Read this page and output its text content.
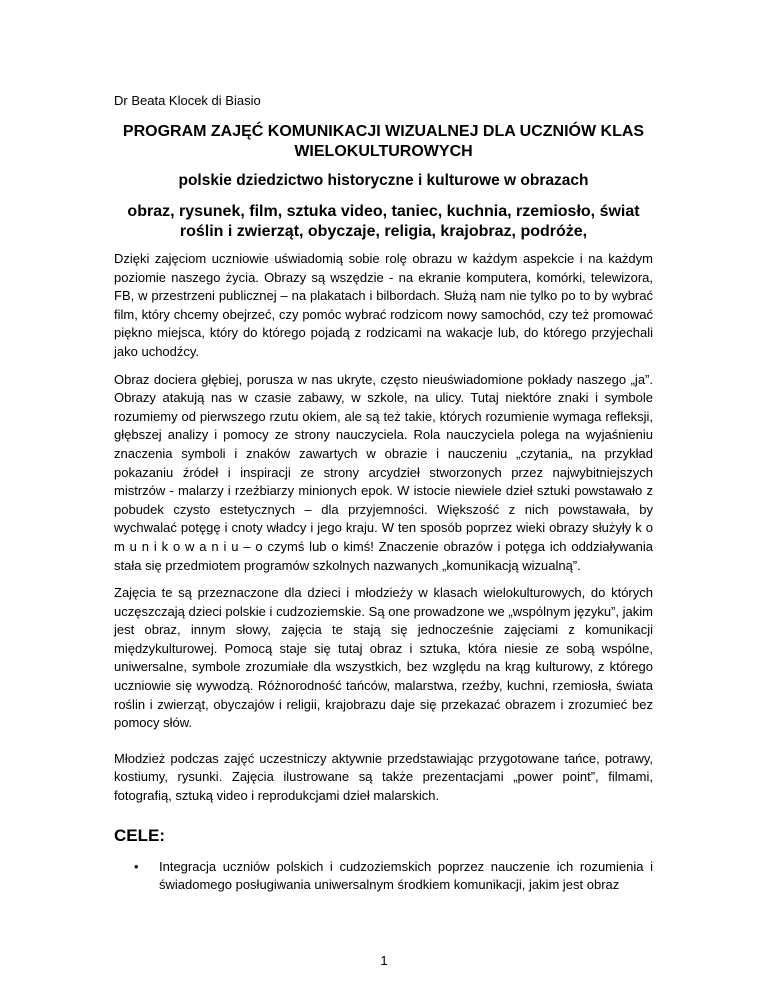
Dr Beata Klocek di Biasio

PROGRAM ZAJĘĆ KOMUNIKACJI WIZUALNEJ DLA UCZNIÓW KLAS WIELOKULTUROWYCH
polskie dziedzictwo historyczne i kulturowe w obrazach
obraz, rysunek, film, sztuka video, taniec, kuchnia, rzemiosło, świat roślin i zwierząt, obyczaje, religia, krajobraz, podróże,

Dzięki zajęciom uczniowie uświadomią sobie rolę obrazu w każdym aspekcie i na każdym poziomie naszego życia. Obrazy są wszędzie - na ekranie komputera, komórki, telewizora, FB, w przestrzeni publicznej – na plakatach i bilbordach. Służą nam nie tylko po to by wybrać film, który chcemy obejrzeć, czy pomóc wybrać rodzicom nowy samochód, czy też promować piękno miejsca, który do którego pojadą z rodzicami na wakacje lub, do którego przyjechali jako uchodźcy.

Obraz dociera głębiej, porusza w nas ukryte, często nieuświadomione pokłady naszego „ja”. Obrazy atakują nas w czasie zabawy, w szkole, na ulicy. Tutaj niektóre znaki i symbole rozumiemy od pierwszego rzutu okiem, ale są też takie, których rozumienie wymaga refleksji, głębszej analizy i pomocy ze strony nauczyciela. Rola nauczyciela polega na wyjaśnieniu znaczenia symboli i znaków zawartych w obrazie i nauczeniu „czytania„ na przykład pokazaniu źródeł i inspiracji ze strony arcydzieł stworzonych przez najwybitniejszych mistrzów - malarzy i rzeźbiarzy minionych epok. W istocie niewiele dzieł sztuki powstawało z pobudek czysto estetycznych – dla przyjemności. Większość z nich powstawała, by wychwalać potęgę i cnoty władcy i jego kraju. W ten sposób poprzez wieki obrazy służyły k o m u n i k o w a n i u – o czymś lub o kimś! Znaczenie obrazów i potęga ich oddziaływania stała się przedmiotem programów szkolnych nazwanych „komunikacją wizualną”.

Zajęcia te są przeznaczone dla dzieci i młodzieży w klasach wielokulturowych, do których uczęszczają dzieci polskie i cudzoziemskie. Są one prowadzone we „wspólnym języku”, jakim jest obraz, innym słowy, zajęcia te stają się jednocześnie zajęciami z komunikacji międzykulturowej. Pomocą staje się tutaj obraz i sztuka, która niesie ze sobą wspólne, uniwersalne, symbole zrozumiałe dla wszystkich, bez względu na krąg kulturowy, z którego uczniowie się wywodzą. Różnorodność tańców, malarstwa, rzeźby, kuchni, rzemiosła, świata roślin i zwierząt, obyczajów i religii, krajobrazu daje się przekazać obrazem i zrozumieć bez pomocy słów.

Młodzież podczas zajęć uczestniczy aktywnie przedstawiając przygotowane tańce, potrawy, kostiumy, rysunki. Zajęcia ilustrowane są także prezentacjami „power point”, filmami, fotografią, sztuką video i reprodukcjami dzieł malarskich.

CELE:
• Integracja uczniów polskich i cudzoziemskich poprzez nauczenie ich rozumienia i świadomego posługiwania uniwersalnym środkiem komunikacji, jakim jest obraz
1
